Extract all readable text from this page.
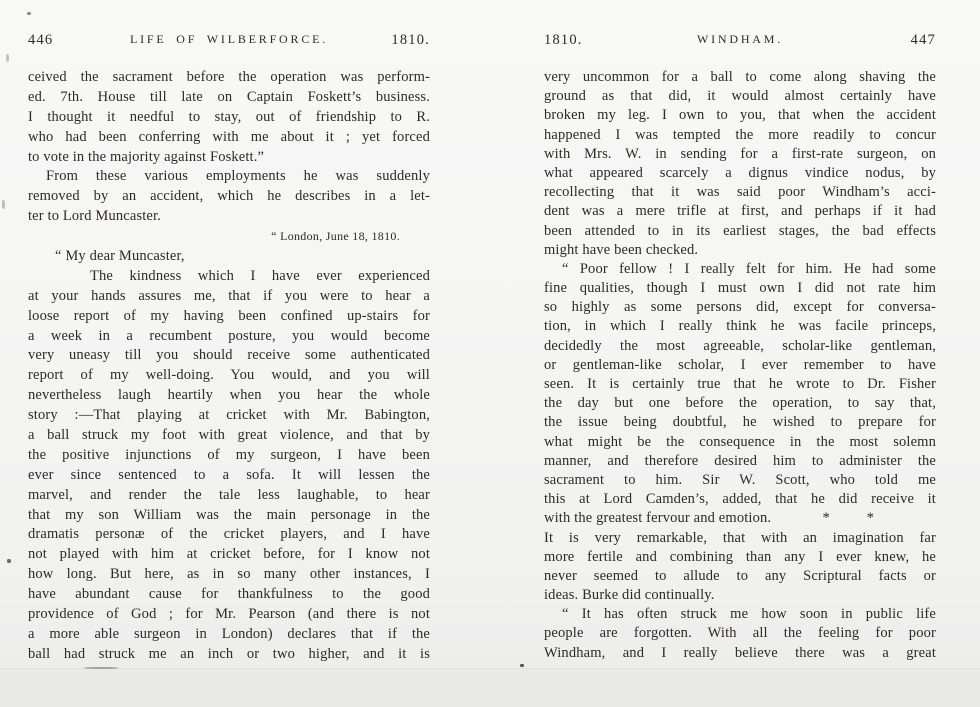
446	LIFE OF WILBERFORCE.	1810.
ceived the sacrament before the operation was perform-
ed. 7th. House till late on Captain Foskett’s business.
I thought it needful to stay, out of friendship to R.
who had been conferring with me about it ; yet forced
to vote in the majority against Foskett.”
From these various employments he was suddenly
removed by an accident, which he describes in a let-
ter to Lord Muncaster.
“ London, June 18, 1810.
“ My dear Muncaster,
The kindness which I have ever experienced
at your hands assures me, that if you were to hear a
loose report of my having been confined up-stairs for
a week in a recumbent posture, you would become
very uneasy till you should receive some authenticated
report of my well-doing. You would, and you will
nevertheless laugh heartily when you hear the whole
story :—That playing at cricket with Mr. Babington,
a ball struck my foot with great violence, and that by
the positive injunctions of my surgeon, I have been
ever since sentenced to a sofa. It will lessen the
marvel, and render the tale less laughable, to hear
that my son William was the main personage in the
dramatis personæ of the cricket players, and I have
not played with him at cricket before, for I know not
how long. But here, as in so many other instances, I
have abundant cause for thankfulness to the good
providence of God ; for Mr. Pearson (and there is not
a more able surgeon in London) declares that if the
ball had struck me an inch or two higher, and it is
1810.	WINDHAM.	447
very uncommon for a ball to come along shaving the
ground as that did, it would almost certainly have
broken my leg. I own to you, that when the accident
happened I was tempted the more readily to concur
with Mrs. W. in sending for a first-rate surgeon, on
what appeared scarcely a dignus vindice nodus, by
recollecting that it was said poor Windham’s acci-
dent was a mere trifle at first, and perhaps if it had
been attended to in its earliest stages, the bad effects
might have been checked.
“ Poor fellow ! I really felt for him. He had some
fine qualities, though I must own I did not rate him
so highly as some persons did, except for conversa-
tion, in which I really think he was facile princeps,
decidedly the most agreeable, scholar-like gentleman,
or gentleman-like scholar, I ever remember to have
seen. It is certainly true that he wrote to Dr. Fisher
the day but one before the operation, to say that,
the issue being doubtful, he wished to prepare for
what might be the consequence in the most solemn
manner, and therefore desired him to administer the
sacrament to him. Sir W. Scott, who told me
this at Lord Camden’s, added, that he did receive it
with the greatest fervour and emotion.    *   *
It is very remarkable, that with an imagination far
more fertile and combining than any I ever knew, he
never seemed to allude to any Scriptural facts or
ideas. Burke did continually.
“ It has often struck me how soon in public life
people are forgotten. With all the feeling for poor
Windham, and I really believe there was a great
